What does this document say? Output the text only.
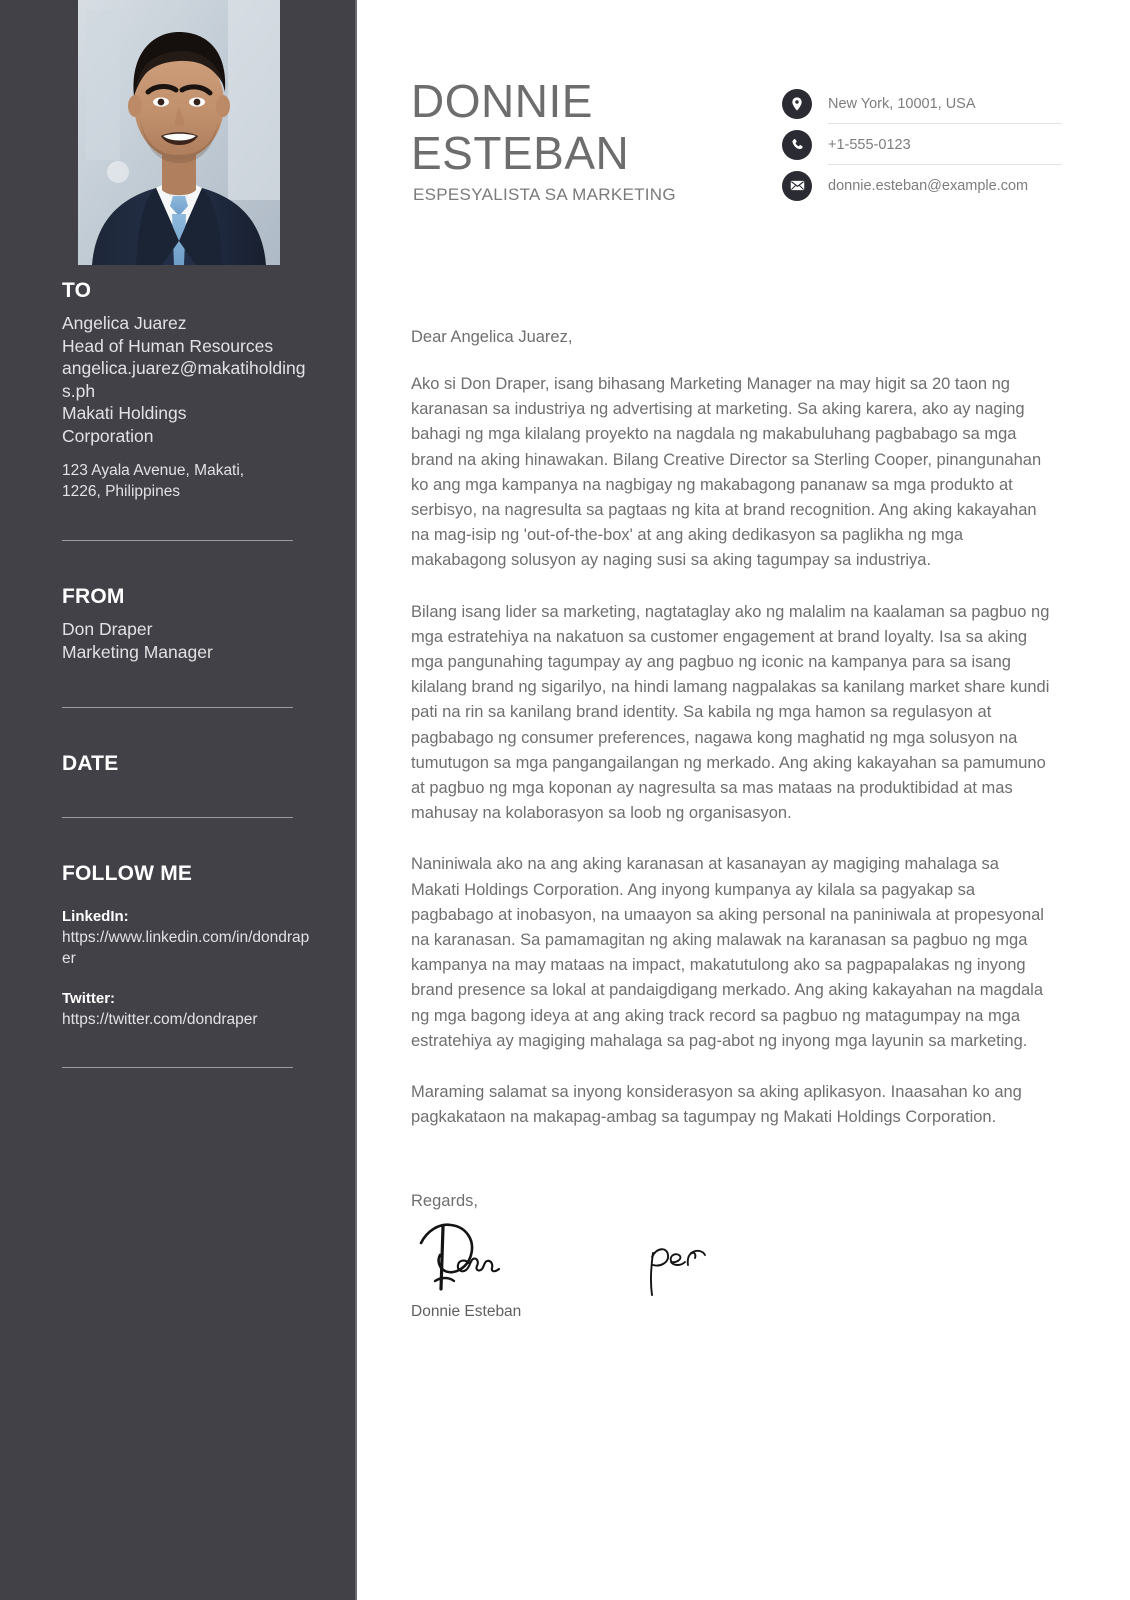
TO

Angelica Juarez

Head of Human Resources

angelica.juarez@makatiholdings.ph

Makati Holdings

Corporation

123 Ayala Avenue, Makati,

1226, Philippines

FROM

Don Draper

Marketing Manager

DATE

FOLLOW ME

LinkedIn:

https://www.linkedin.com/in/dondraper

Twitter:

https://twitter.com/dondraper

DONNIE
ESTEBAN
ESPESYALISTA SA MARKETING
New York, 10001, USA
+1-555-0123
donnie.esteban@example.com

Dear Angelica Juarez,

Ako si Don Draper, isang bihasang Marketing Manager na may higit sa 20 taon ng karanasan sa industriya ng advertising at marketing. Sa aking karera, ako ay naging bahagi ng mga kilalang proyekto na nagdala ng makabuluhang pagbabago sa mga brand na aking hinawakan. Bilang Creative Director sa Sterling Cooper, pinangunahan ko ang mga kampanya na nagbigay ng makabagong pananaw sa mga produkto at serbisyo, na nagresulta sa pagtaas ng kita at brand recognition. Ang aking kakayahan na mag-isip ng 'out-of-the-box' at ang aking dedikasyon sa paglikha ng mga makabagong solusyon ay naging susi sa aking tagumpay sa industriya.

Bilang isang lider sa marketing, nagtataglay ako ng malalim na kaalaman sa pagbuo ng mga estratehiya na nakatuon sa customer engagement at brand loyalty. Isa sa aking mga pangunahing tagumpay ay ang pagbuo ng iconic na kampanya para sa isang kilalang brand ng sigarilyo, na hindi lamang nagpalakas sa kanilang market share kundi pati na rin sa kanilang brand identity. Sa kabila ng mga hamon sa regulasyon at pagbabago ng consumer preferences, nagawa kong maghatid ng mga solusyon na tumutugon sa mga pangangailangan ng merkado. Ang aking kakayahan sa pamumuno at pagbuo ng mga koponan ay nagresulta sa mas mataas na produktibidad at mas mahusay na kolaborasyon sa loob ng organisasyon.

Naniniwala ako na ang aking karanasan at kasanayan ay magiging mahalaga sa Makati Holdings Corporation. Ang inyong kumpanya ay kilala sa pagyakap sa pagbabago at inobasyon, na umaayon sa aking personal na paniniwala at propesyonal na karanasan. Sa pamamagitan ng aking malawak na karanasan sa pagbuo ng mga kampanya na may mataas na impact, makatutulong ako sa pagpapalakas ng inyong brand presence sa lokal at pandaigdigang merkado. Ang aking kakayahan na magdala ng mga bagong ideya at ang aking track record sa pagbuo ng matagumpay na mga estratehiya ay magiging mahalaga sa pag-abot ng inyong mga layunin sa marketing.

Maraming salamat sa inyong konsiderasyon sa aking aplikasyon. Inaasahan ko ang pagkakataon na makapag-ambag sa tagumpay ng Makati Holdings Corporation.

Regards,

Donnie Esteban
